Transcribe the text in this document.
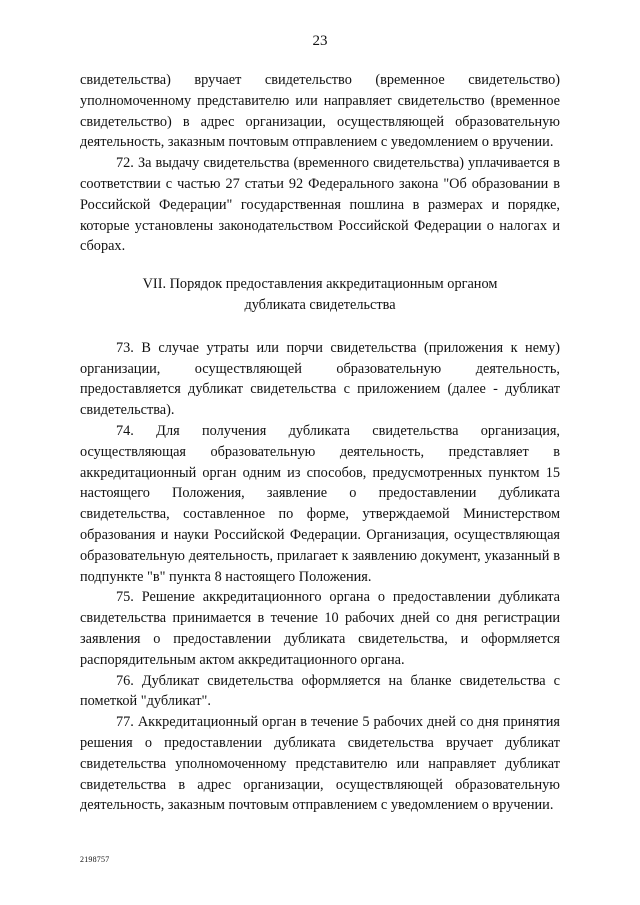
23

свидетельства) вручает свидетельство (временное свидетельство) уполномоченному представителю или направляет свидетельство (временное свидетельство) в адрес организации, осуществляющей образовательную деятельность, заказным почтовым отправлением с уведомлением о вручении.

72. За выдачу свидетельства (временного свидетельства) уплачивается в соответствии с частью 27 статьи 92 Федерального закона "Об образовании в Российской Федерации" государственная пошлина в размерах и порядке, которые установлены законодательством Российской Федерации о налогах и сборах.

VII. Порядок предоставления аккредитационным органом
дубликата свидетельства

73. В случае утраты или порчи свидетельства (приложения к нему) организации, осуществляющей образовательную деятельность, предоставляется дубликат свидетельства с приложением (далее - дубликат свидетельства).

74. Для получения дубликата свидетельства организация, осуществляющая образовательную деятельность, представляет в аккредитационный орган одним из способов, предусмотренных пунктом 15 настоящего Положения, заявление о предоставлении дубликата свидетельства, составленное по форме, утверждаемой Министерством образования и науки Российской Федерации. Организация, осуществляющая образовательную деятельность, прилагает к заявлению документ, указанный в подпункте "в" пункта 8 настоящего Положения.

75. Решение аккредитационного органа о предоставлении дубликата свидетельства принимается в течение 10 рабочих дней со дня регистрации заявления о предоставлении дубликата свидетельства, и оформляется распорядительным актом аккредитационного органа.

76. Дубликат свидетельства оформляется на бланке свидетельства с пометкой "дубликат".

77. Аккредитационный орган в течение 5 рабочих дней со дня принятия решения о предоставлении дубликата свидетельства вручает дубликат свидетельства уполномоченному представителю или направляет дубликат свидетельства в адрес организации, осуществляющей образовательную деятельность, заказным почтовым отправлением с уведомлением о вручении.

2198757
